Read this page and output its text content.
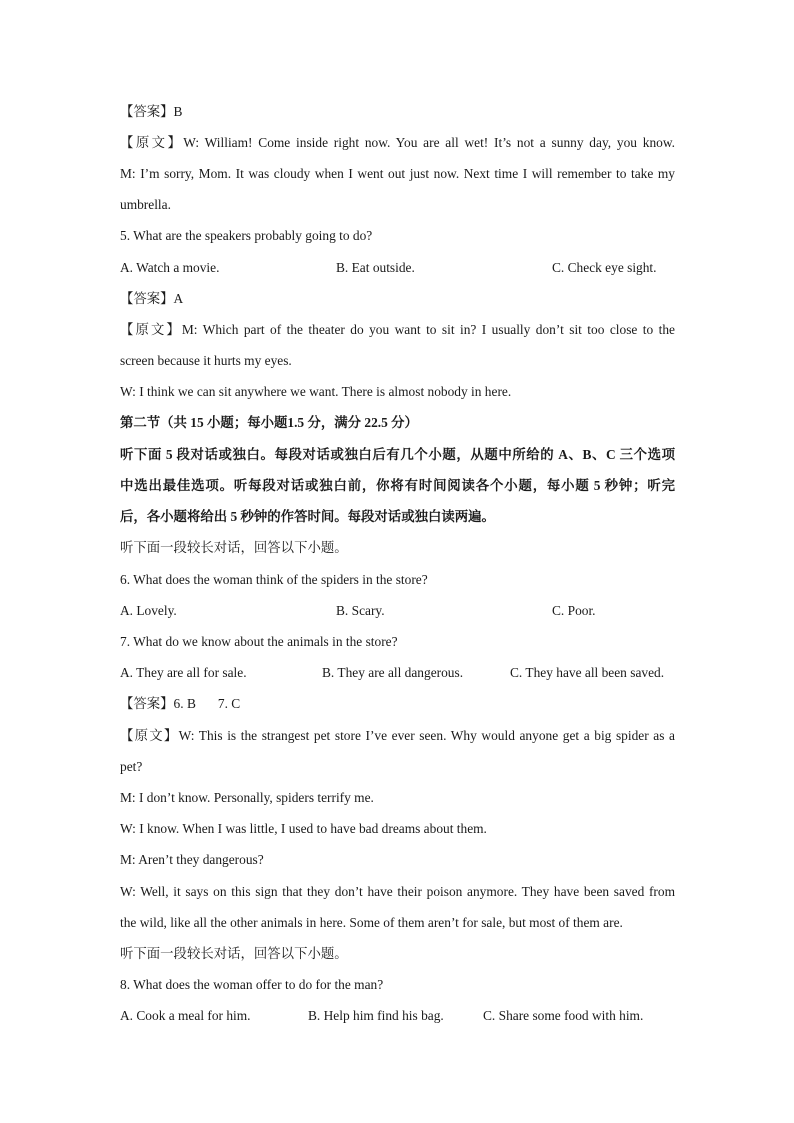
【答案】B
【原文】W: William! Come inside right now. You are all wet! It’s not a sunny day, you know.
M: I’m sorry, Mom. It was cloudy when I went out just now. Next time I will remember to take my
umbrella.
5. What are the speakers probably going to do?
A. Watch a movie.	B. Eat outside.	C. Check eye sight.
【答案】A
【原文】M: Which part of the theater do you want to sit in? I usually don’t sit too close to the
screen because it hurts my eyes.
W: I think we can sit anywhere we want. There is almost nobody in here.
第二节（共 15 小题；每小题1.5 分，满分 22.5 分）
听下面 5 段对话或独白。每段对话或独白后有几个小题，从题中所给的 A、B、C 三个选项
中选出最佳选项。听每段对话或独白前，你将有时间阅读各个小题，每小题 5 秒钟；听完
后，各小题将给出 5 秒钟的作答时间。每段对话或独白读两遍。
听下面一段较长对话，回答以下小题。
6. What does the woman think of the spiders in the store?
A. Lovely.	B. Scary.	C. Poor.
7. What do we know about the animals in the store?
A. They are all for sale.	B. They are all dangerous.	C. They have all been saved.
【答案】6. B 7. C
【原文】W: This is the strangest pet store I’ve ever seen. Why would anyone get a big spider as a
pet?
M: I don’t know. Personally, spiders terrify me.
W: I know. When I was little, I used to have bad dreams about them.
M: Aren’t they dangerous?
W: Well, it says on this sign that they don’t have their poison anymore. They have been saved from
the wild, like all the other animals in here. Some of them aren’t for sale, but most of them are.
听下面一段较长对话，回答以下小题。
8. What does the woman offer to do for the man?
A. Cook a meal for him.	B. Help him find his bag.	C. Share some food with him.
